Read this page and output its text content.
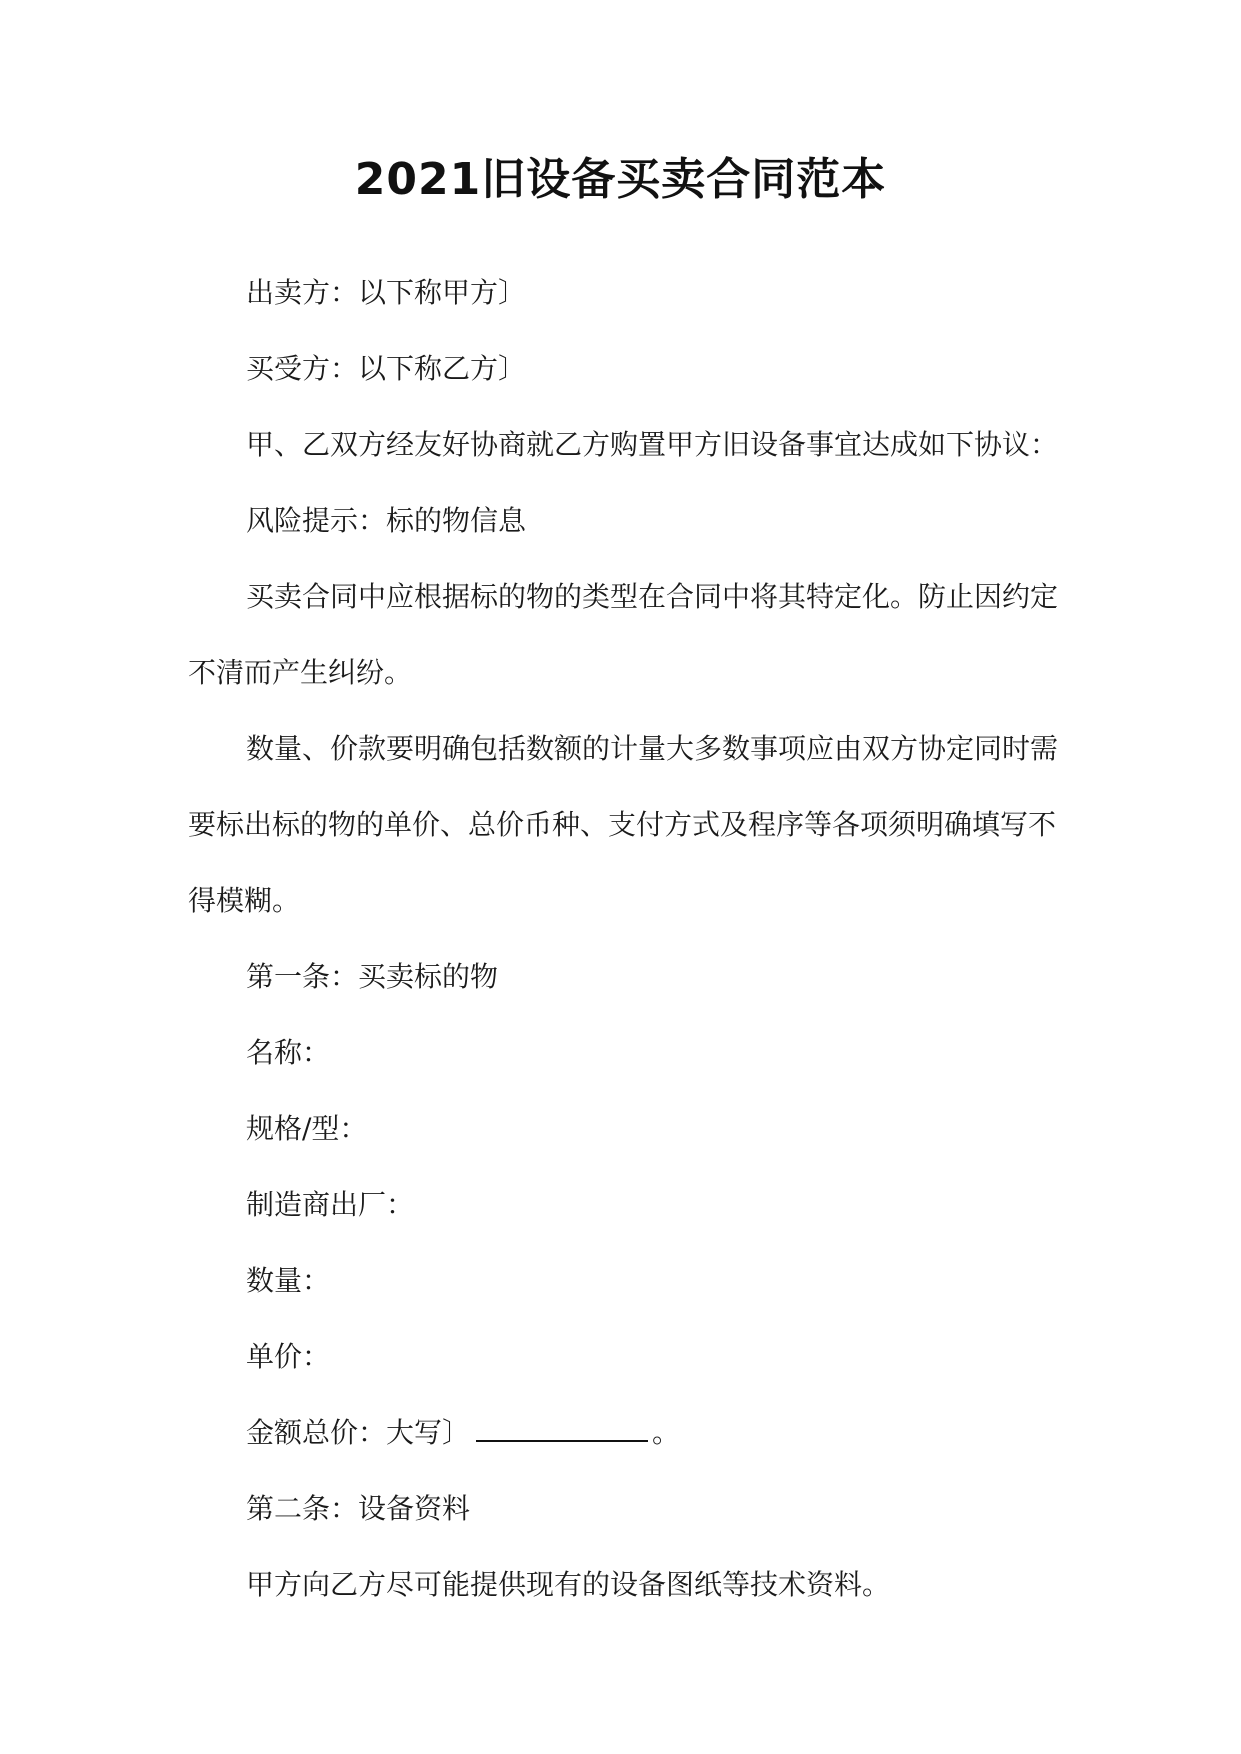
2021旧设备买卖合同范本

出卖方：以下称甲方〕

买受方：以下称乙方〕

甲、乙双方经友好协商就乙方购置甲方旧设备事宜达成如下协议：

风险提示：标的物信息

买卖合同中应根据标的物的类型在合同中将其特定化。防止因约定不清而产生纠纷。

数量、价款要明确包括数额的计量大多数事项应由双方协定同时需要标出标的物的单价、总价币种、支付方式及程序等各项须明确填写不得模糊。

第一条：买卖标的物

名称：

规格/型：

制造商出厂：

数量：

单价：

金额总价：大写〕	。

第二条：设备资料

甲方向乙方尽可能提供现有的设备图纸等技术资料。
